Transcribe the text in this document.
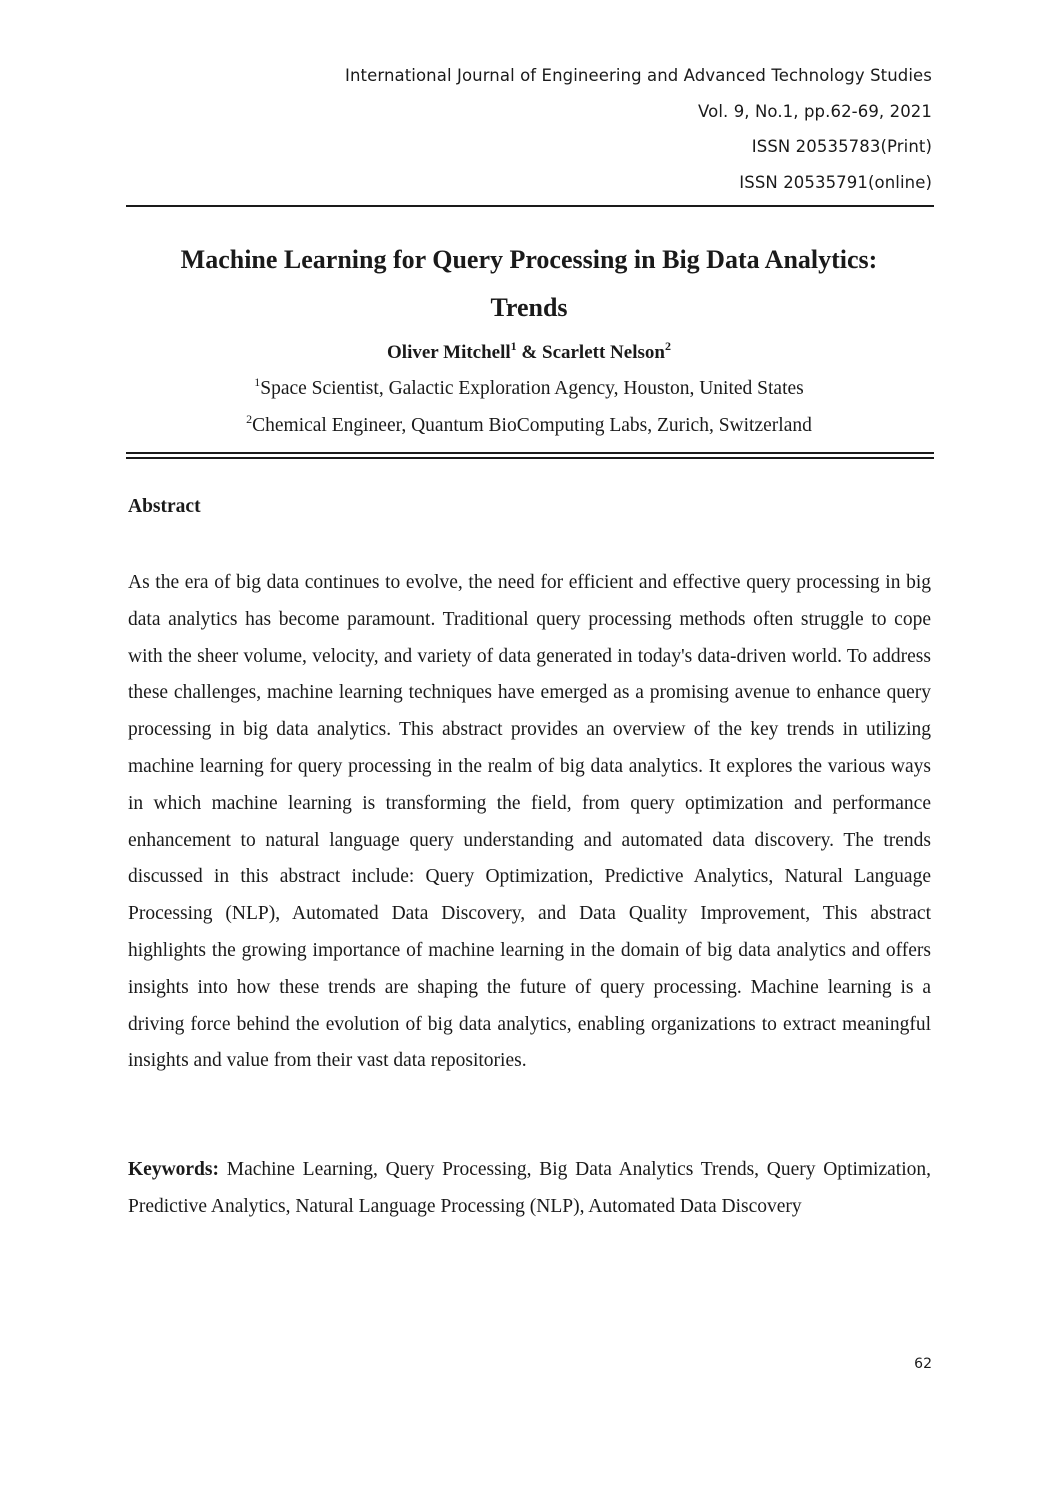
International Journal of Engineering and Advanced Technology Studies
Vol. 9, No.1, pp.62-69, 2021
ISSN 20535783(Print)
ISSN 20535791(online)
Machine Learning for Query Processing in Big Data Analytics:
Trends
Oliver Mitchell$^1$ & Scarlett Nelson$^2$
$^1$Space Scientist, Galactic Exploration Agency, Houston, United States
$^2$Chemical Engineer, Quantum BioComputing Labs, Zurich, Switzerland
Abstract
As the era of big data continues to evolve, the need for efficient and effective query processing in big data analytics has become paramount. Traditional query processing methods often struggle to cope with the sheer volume, velocity, and variety of data generated in today's data-driven world. To address these challenges, machine learning techniques have emerged as a promising avenue to enhance query processing in big data analytics. This abstract provides an overview of the key trends in utilizing machine learning for query processing in the realm of big data analytics. It explores the various ways in which machine learning is transforming the field, from query optimization and performance enhancement to natural language query understanding and automated data discovery. The trends discussed in this abstract include: Query Optimization, Predictive Analytics, Natural Language Processing (NLP), Automated Data Discovery, and Data Quality Improvement, This abstract highlights the growing importance of machine learning in the domain of big data analytics and offers insights into how these trends are shaping the future of query processing. Machine learning is a driving force behind the evolution of big data analytics, enabling organizations to extract meaningful insights and value from their vast data repositories.
Keywords: Machine Learning, Query Processing, Big Data Analytics Trends, Query Optimization, Predictive Analytics, Natural Language Processing (NLP), Automated Data Discovery
62
